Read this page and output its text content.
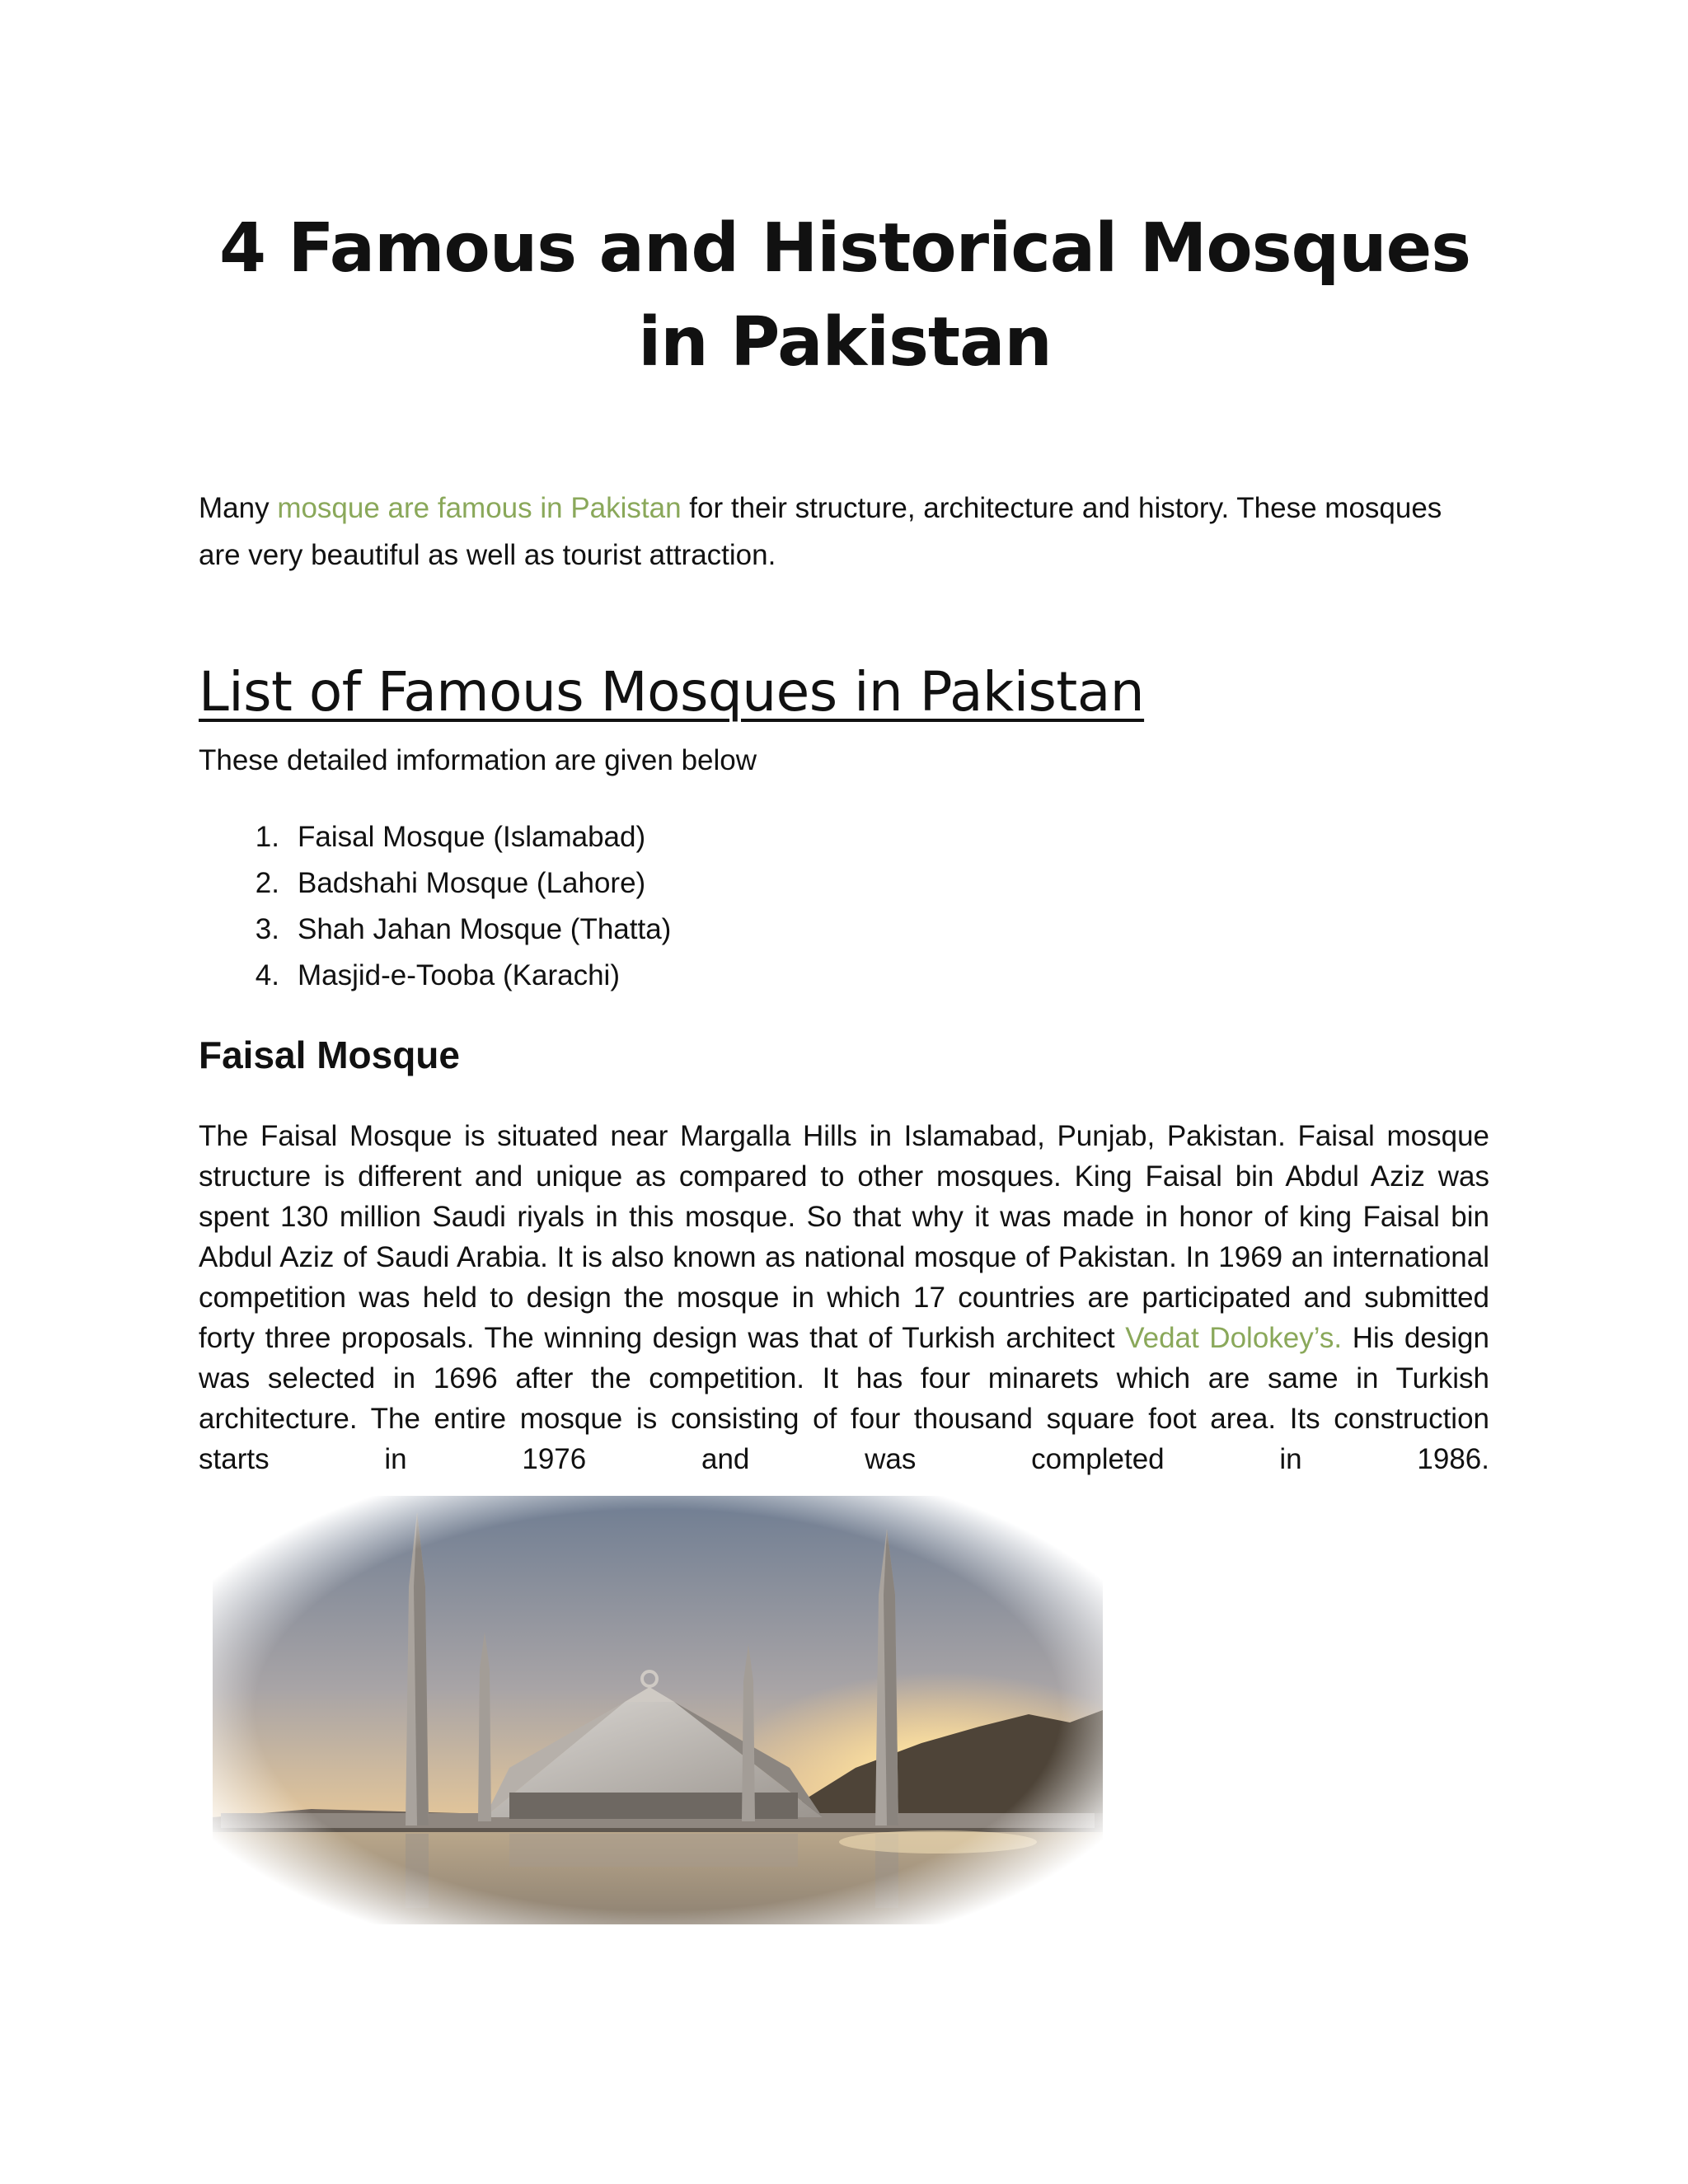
4 Famous and Historical Mosques in Pakistan

Many mosque are famous in Pakistan for their structure, architecture and history. These mosques are very beautiful as well as tourist attraction.

List of Famous Mosques in Pakistan

These detailed imformation are given below

1. Faisal Mosque (Islamabad)
2. Badshahi Mosque (Lahore)
3. Shah Jahan Mosque (Thatta)
4. Masjid-e-Tooba (Karachi)
Faisal Mosque

The Faisal Mosque is situated near Margalla Hills in Islamabad, Punjab, Pakistan. Faisal mosque structure is different and unique as compared to other mosques. King Faisal bin Abdul Aziz was spent 130 million Saudi riyals in this mosque. So that why it was made in honor of king Faisal bin Abdul Aziz of Saudi Arabia. It is also known as national mosque of Pakistan. In 1969 an international competition was held to design the mosque in which 17 countries are participated and submitted forty three proposals. The winning design was that of Turkish architect Vedat Dolokey’s. His design was selected in 1696 after the competition. It has four minarets which are same in Turkish architecture. The entire mosque is consisting of four thousand square foot area. Its construction starts in 1976 and was completed in 1986.
